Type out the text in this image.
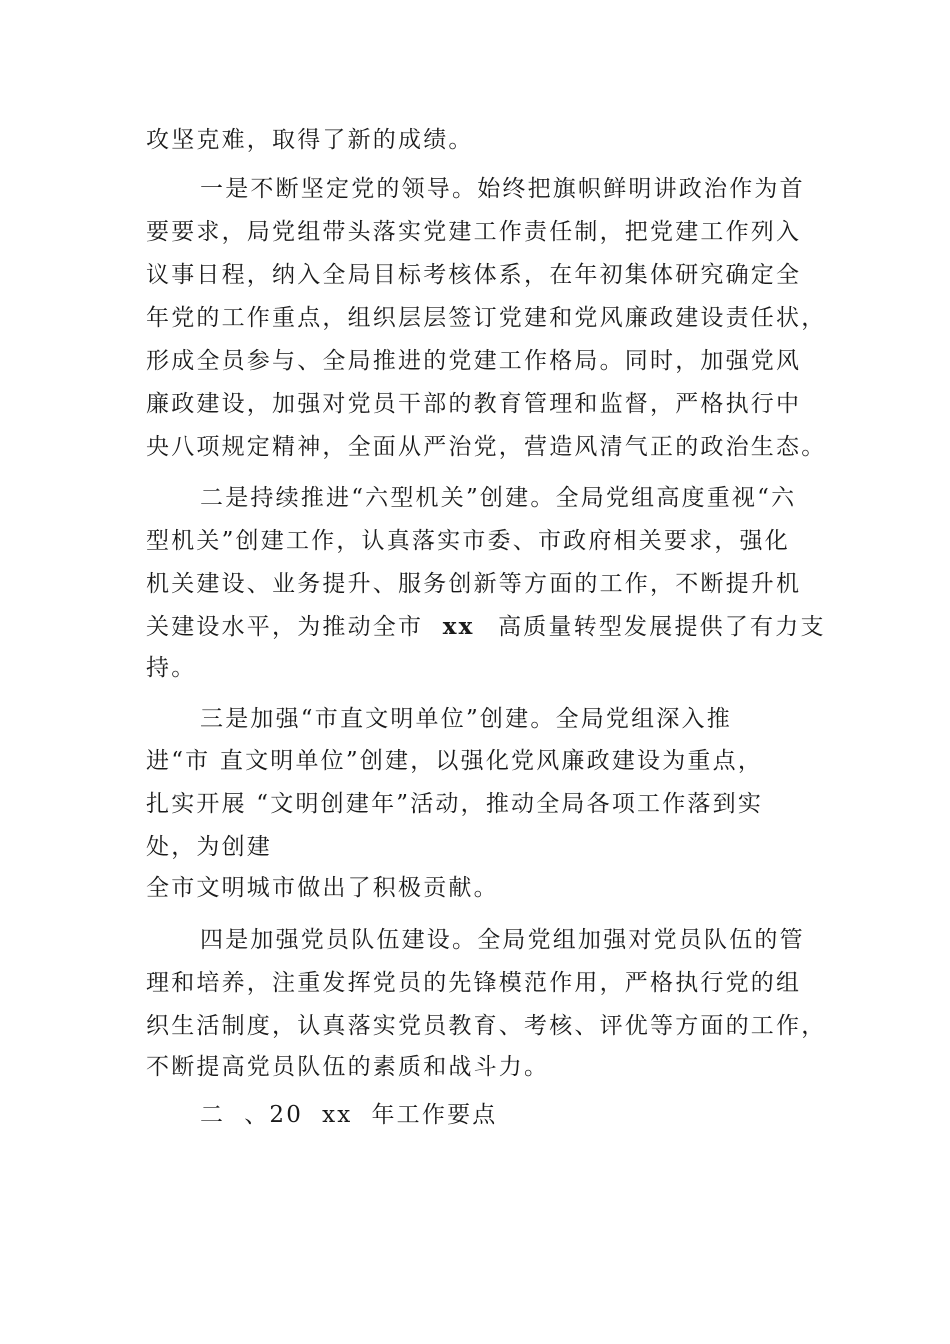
攻坚克难，取得了新的成绩。
一是不断坚定党的领导。始终把旗帜鲜明讲政治作为首
要要求，局党组带头落实党建工作责任制，把党建工作列入
议事日程，纳入全局目标考核体系，在年初集体研究确定全
年党的工作重点，组织层层签订党建和党风廉政建设责任状，
形成全员参与、全局推进的党建工作格局。同时，加强党风
廉政建设，加强对党员干部的教育管理和监督，严格执行中
央八项规定精神，全面从严治党，营造风清气正的政治生态。
二是持续推进“六型机关”创建。全局党组高度重视“六
型机关”创建工作，认真落实市委、市政府相关要求，强化
机关建设、业务提升、服务创新等方面的工作，不断提升机
关建设水平，为推动全市 xx 高质量转型发展提供了有力支
持。
三是加强“市直文明单位”创建。全局党组深入推
进“市 直文明单位”创建，以强化党风廉政建设为重点，
扎实开展 “文明创建年”活动，推动全局各项工作落到实
处，为创建
全市文明城市做出了积极贡献。
四是加强党员队伍建设。全局党组加强对党员队伍的管
理和培养，注重发挥党员的先锋模范作用，严格执行党的组
织生活制度，认真落实党员教育、考核、评优等方面的工作，
不断提高党员队伍的素质和战斗力。
二  、20  xx  年工作要点
